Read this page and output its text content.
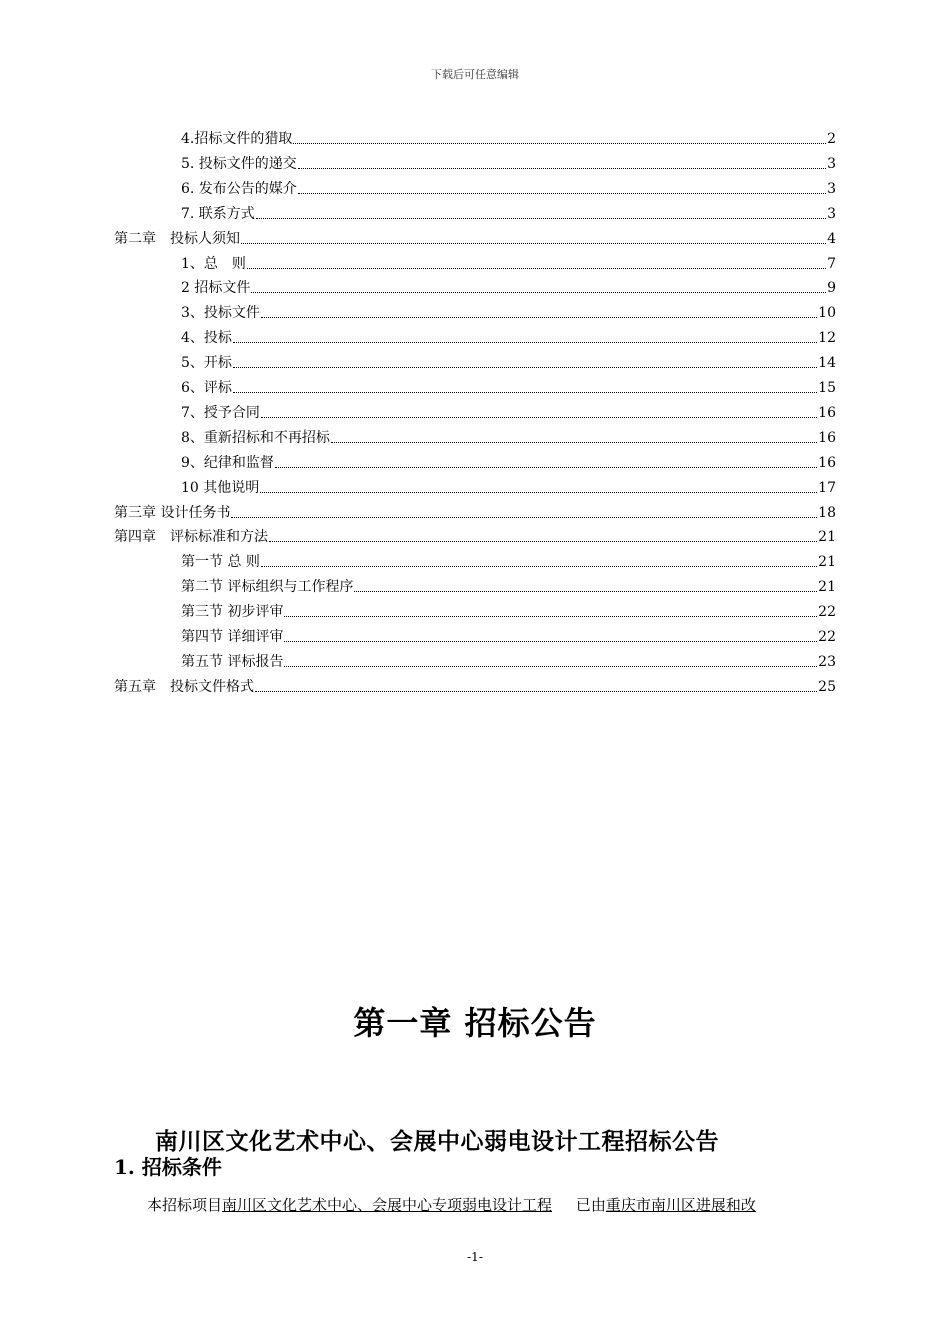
下载后可任意编辑
4.招标文件的猎取	2
5. 投标文件的递交	3
6. 发布公告的媒介	3
7. 联系方式	3
第二章　投标人须知	4
1、总　则	7
2 招标文件	9
3、投标文件	10
4、投标	12
5、开标	14
6、评标	15
7、授予合同	16
8、重新招标和不再招标	16
9、纪律和监督	16
10 其他说明	17
第三章 设计任务书	18
第四章　评标标准和方法	21
第一节 总 则	21
第二节 评标组织与工作程序	21
第三节 初步评审	22
第四节 详细评审	22
第五节 评标报告	23
第五章　投标文件格式	25
第一章 招标公告
南川区文化艺术中心、会展中心弱电设计工程招标公告
1. 招标条件
本招标项目南川区文化艺术中心、会展中心专项弱电设计工程 已由重庆市南川区进展和改
-1-
